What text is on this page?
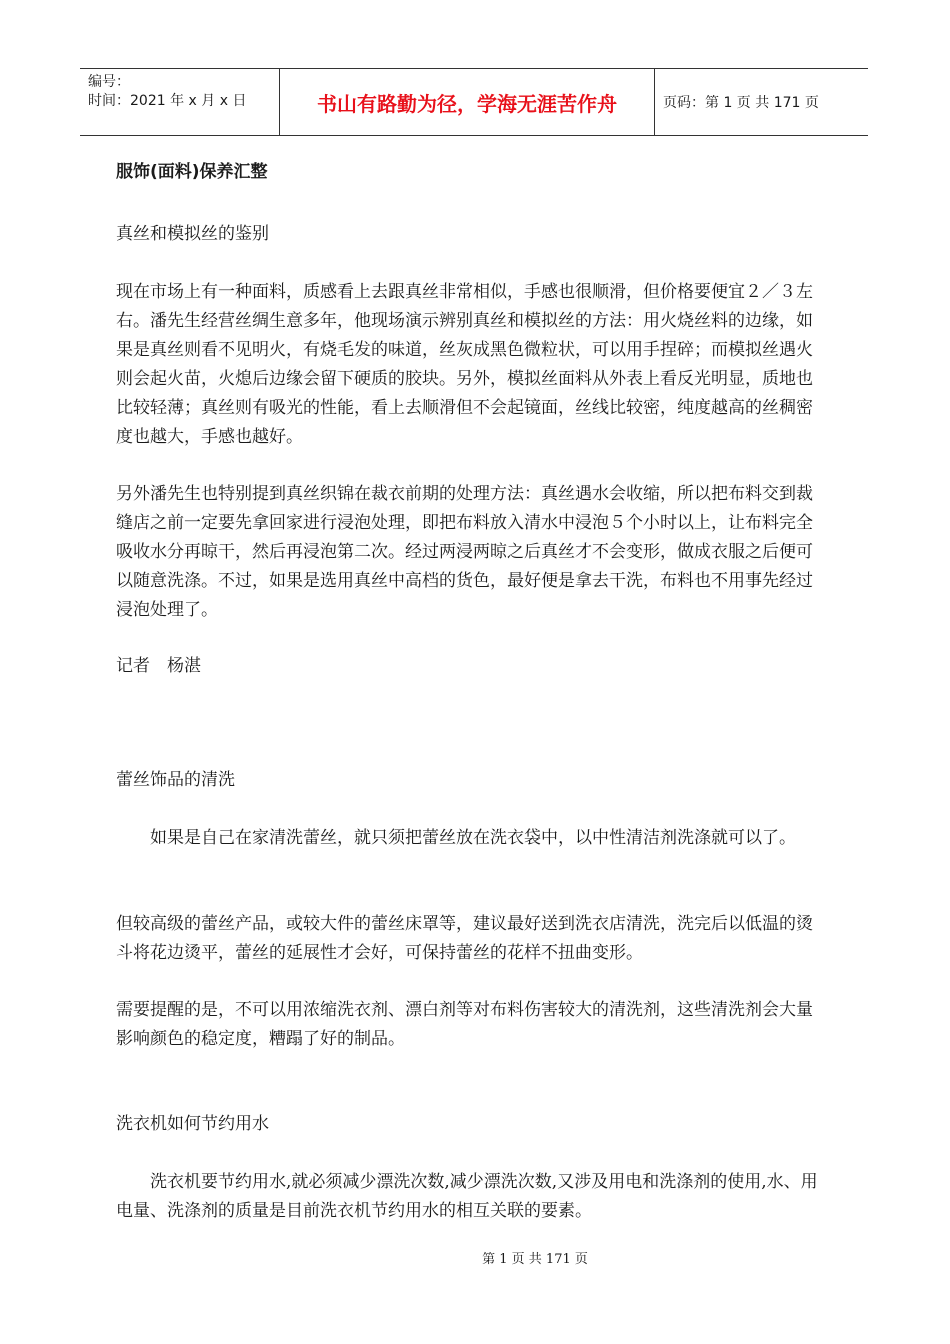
编号：
时间：2021 年 x 月 x 日	书山有路勤为径，学海无涯苦作舟	页码：第 1 页 共 171 页

服饰(面料)保养汇整

真丝和模拟丝的鉴别

现在市场上有一种面料，质感看上去跟真丝非常相似，手感也很顺滑，但价格要便宜２／３左右。潘先生经营丝绸生意多年，他现场演示辨别真丝和模拟丝的方法：用火烧丝料的边缘，如果是真丝则看不见明火，有烧毛发的味道，丝灰成黑色微粒状，可以用手捏碎；而模拟丝遇火则会起火苗，火熄后边缘会留下硬质的胶块。另外，模拟丝面料从外表上看反光明显，质地也比较轻薄；真丝则有吸光的性能，看上去顺滑但不会起镜面，丝线比较密，纯度越高的丝稠密度也越大，手感也越好。

另外潘先生也特别提到真丝织锦在裁衣前期的处理方法：真丝遇水会收缩，所以把布料交到裁缝店之前一定要先拿回家进行浸泡处理，即把布料放入清水中浸泡５个小时以上，让布料完全吸收水分再晾干，然后再浸泡第二次。经过两浸两晾之后真丝才不会变形，做成衣服之后便可以随意洗涤。不过，如果是选用真丝中高档的货色，最好便是拿去干洗，布料也不用事先经过浸泡处理了。

记者　杨湛

蕾丝饰品的清洗

如果是自己在家清洗蕾丝，就只须把蕾丝放在洗衣袋中，以中性清洁剂洗涤就可以了。

但较高级的蕾丝产品，或较大件的蕾丝床罩等，建议最好送到洗衣店清洗，洗完后以低温的烫斗将花边烫平，蕾丝的延展性才会好，可保持蕾丝的花样不扭曲变形。

需要提醒的是，不可以用浓缩洗衣剂、漂白剂等对布料伤害较大的清洗剂，这些清洗剂会大量影响颜色的稳定度，糟蹋了好的制品。

洗衣机如何节约用水

洗衣机要节约用水,就必须减少漂洗次数,减少漂洗次数,又涉及用电和洗涤剂的使用,水、用电量、洗涤剂的质量是目前洗衣机节约用水的相互关联的要素。

第 1 页 共 171 页
